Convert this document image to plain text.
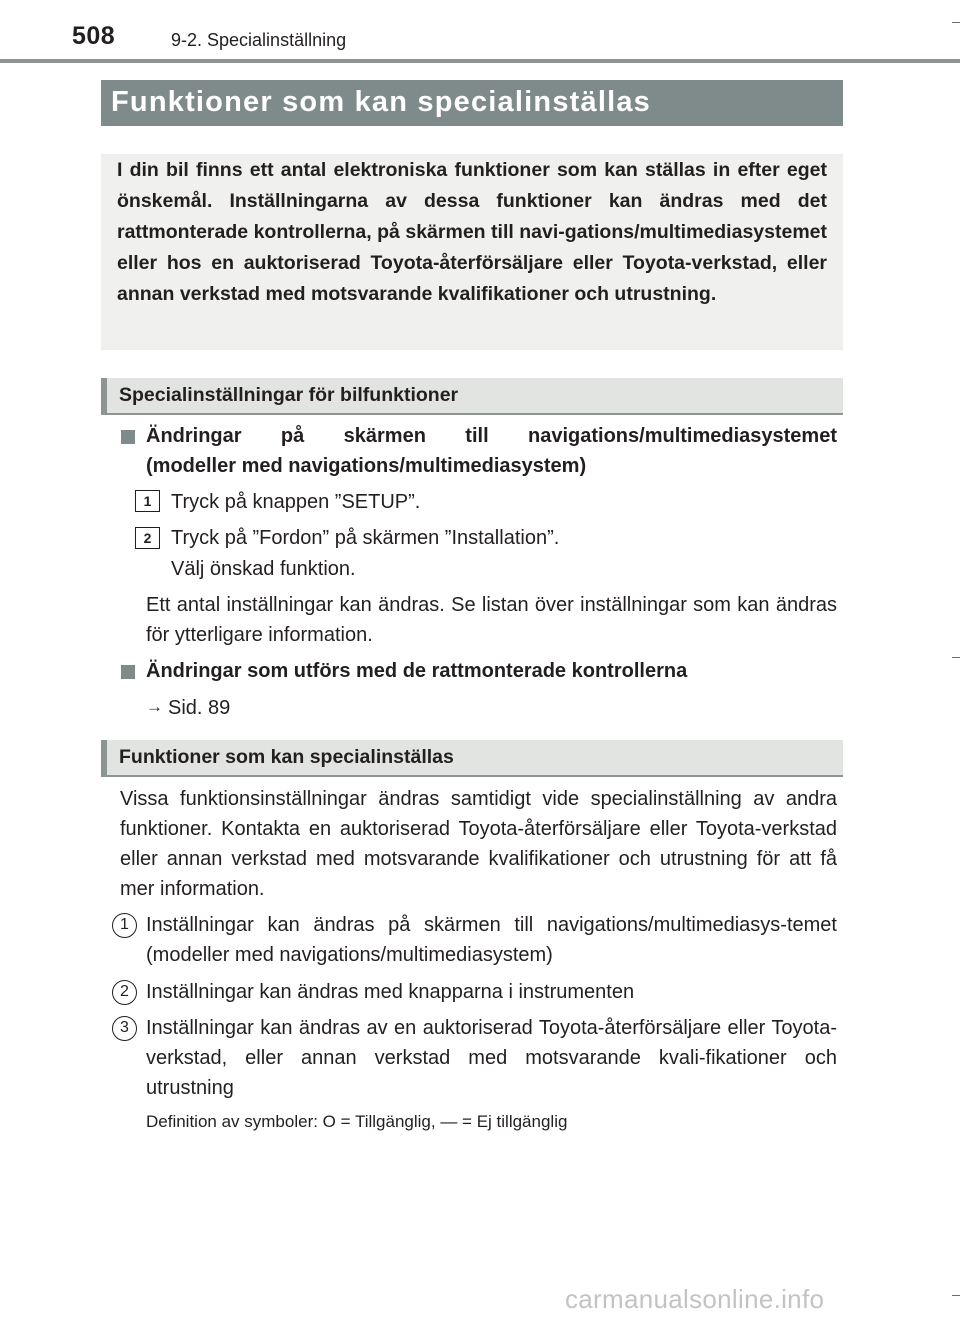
508	9-2. Specialinställning
Funktioner som kan specialinställas
I din bil finns ett antal elektroniska funktioner som kan ställas in efter eget önskemål. Inställningarna av dessa funktioner kan ändras med det rattmonterade kontrollerna, på skärmen till navi-gations/multimediasystemet eller hos en auktoriserad Toyota-återförsäljare eller Toyota-verkstad, eller annan verkstad med motsvarande kvalifikationer och utrustning.
Specialinställningar för bilfunktioner
Ändringar på skärmen till navigations/multimediasystemet
(modeller med navigations/multimediasystem)
1 Tryck på knappen ”SETUP”.
2 Tryck på ”Fordon” på skärmen ”Installation”.
Välj önskad funktion.
Ett antal inställningar kan ändras. Se listan över inställningar som kan ändras för ytterligare information.
Ändringar som utförs med de rattmonterade kontrollerna
→ Sid. 89
Funktioner som kan specialinställas
Vissa funktionsinställningar ändras samtidigt vide specialinställning av andra funktioner. Kontakta en auktoriserad Toyota-återförsäljare eller Toyota-verkstad eller annan verkstad med motsvarande kvalifikationer och utrustning för att få mer information.
1 Inställningar kan ändras på skärmen till navigations/multimediasys-temet (modeller med navigations/multimediasystem)
2 Inställningar kan ändras med knapparna i instrumenten
3 Inställningar kan ändras av en auktoriserad Toyota-återförsäljare eller Toyota-verkstad, eller annan verkstad med motsvarande kvali-fikationer och utrustning
Definition av symboler: O = Tillgänglig, — = Ej tillgänglig
carmanualsonline.info
